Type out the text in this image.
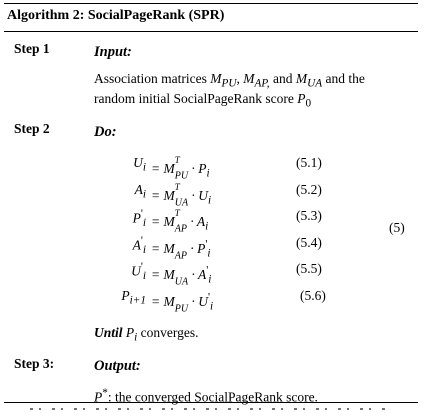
Algorithm 2: SocialPageRank (SPR)
Step 1	Input:
Association matrices $M_{PU}$, $M_{AP,}$ and $M_{UA}$ and the
random initial SocialPageRank score $P_0$
Step 2	Do:
$U_i = M$
$^T$
$_{PU} \cdot P_i$
(5.1)
$A_i = M$
$^T$
$_{UA} \cdot U_i$
(5.2)
$P'_i = M$
$^T$
$_{AP} \cdot A_i$
(5.3)
$A'_i = M$
$_{AP} \cdot P'_i$
(5.4)
$U'_i = M$
$_{UA} \cdot A'_i$
(5.5)
$P_{i+1} = M$
$_{PU} \cdot U'_i$
(5.6)
(5)
Until $P_i$ converges.
Step 3:	Output:
P*: the converged SocialPageRank score.
